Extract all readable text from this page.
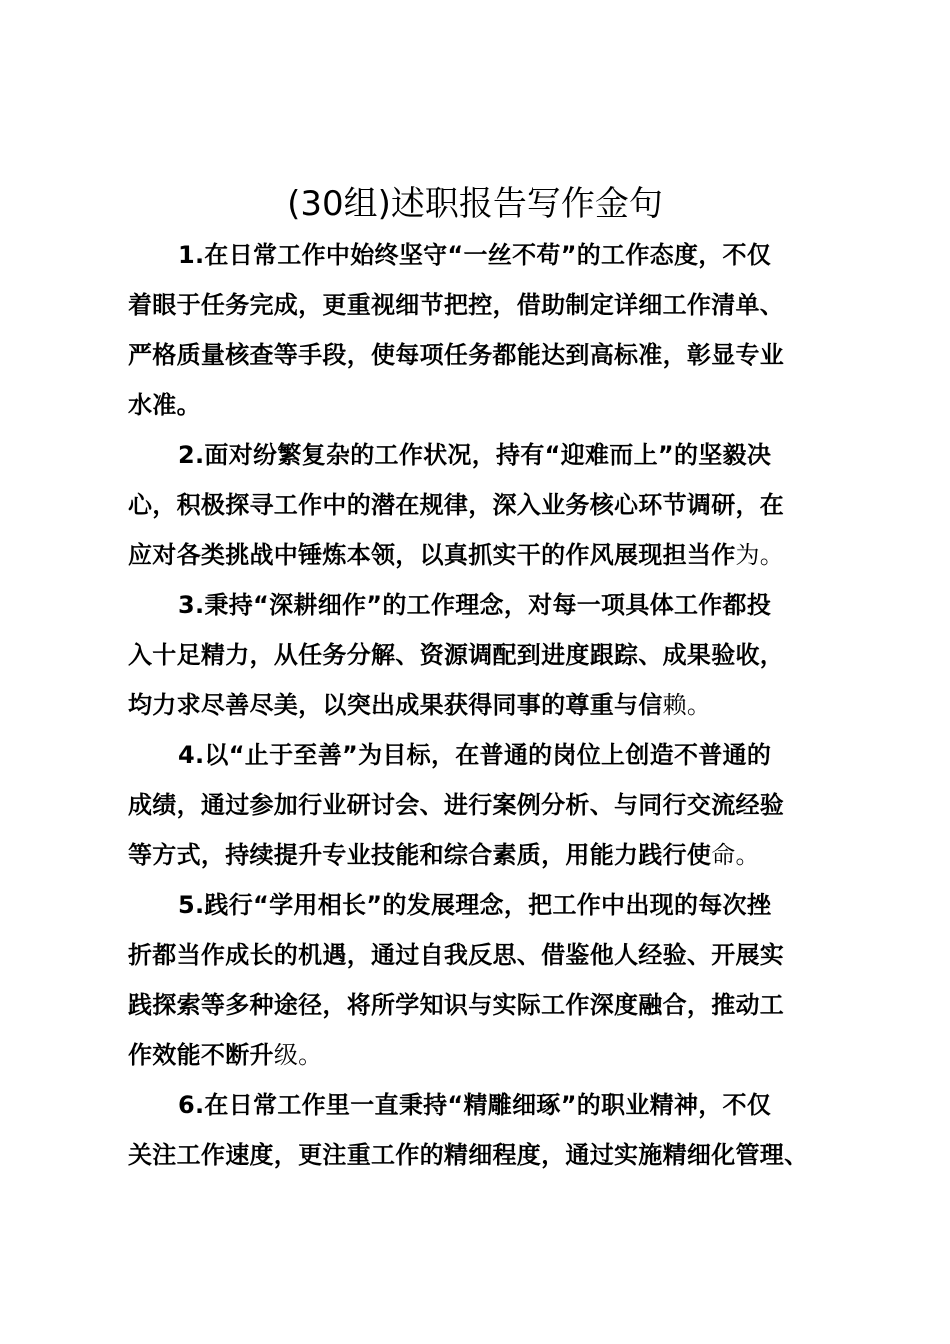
(30组)述职报告写作金句

1.在日常工作中始终坚守“一丝不苟”的工作态度，不仅
着眼于任务完成，更重视细节把控，借助制定详细工作清单、
严格质量核查等手段，使每项任务都能达到高标准，彰显专业
水准。

2.面对纷繁复杂的工作状况，持有“迎难而上”的坚毅决
心，积极探寻工作中的潜在规律，深入业务核心环节调研，在
应对各类挑战中锤炼本领，以真抓实干的作风展现担当作为。

3.秉持“深耕细作”的工作理念，对每一项具体工作都投
入十足精力，从任务分解、资源调配到进度跟踪、成果验收，
均力求尽善尽美，以突出成果获得同事的尊重与信赖。

4.以“止于至善”为目标，在普通的岗位上创造不普通的
成绩，通过参加行业研讨会、进行案例分析、与同行交流经验
等方式，持续提升专业技能和综合素质，用能力践行使命。

5.践行“学用相长”的发展理念，把工作中出现的每次挫
折都当作成长的机遇，通过自我反思、借鉴他人经验、开展实
践探索等多种途径，将所学知识与实际工作深度融合，推动工
作效能不断升级。

6.在日常工作里一直秉持“精雕细琢”的职业精神，不仅
关注工作速度，更注重工作的精细程度，通过实施精细化管理、
